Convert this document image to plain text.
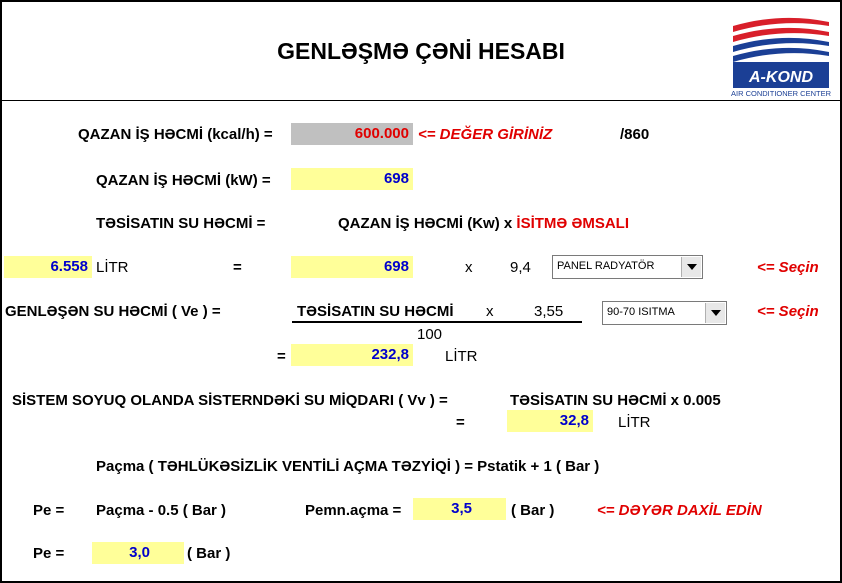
GENLƏŞMƏ ÇƏNİ HESABI
A-KOND
AIR CONDITIONER CENTER
QAZAN İŞ HƏCMİ (kcal/h) =	600.000 <= DEĞER GİRİNİZ	/860
QAZAN İŞ HƏCMİ (kW) =	698
TƏSİSATIN SU HƏCMİ =	QAZAN İŞ HƏCMİ (Kw) x İSİTMƏ ƏMSALI
6.558 LİTR	=	698	x	9,4 PANEL RADYATÖR	<= Seçin
GENLƏŞƏN SU HƏCMİ ( Ve ) =	TƏSİSATIN SU HƏCMİ x	3,55	90-70 ISITMA	<= Seçin
100
=	232,8 LİTR
SİSTEM SOYUQ OLANDA SİSTERNDƏKİ SU MİQDARI ( Vv ) =	TƏSİSATIN SU HƏCMİ x 0.005
=	32,8 LİTR
Paçma ( TƏHLÜKƏSİZLİK VENTİLİ AÇMA TƏZYİQİ ) = Pstatik + 1 ( Bar )
Pe = Paçma - 0.5 ( Bar )	Pemn.açma =	3,5	( Bar )	<= DƏYƏR DAXİL EDİN
Pe =	3,0	( Bar )
